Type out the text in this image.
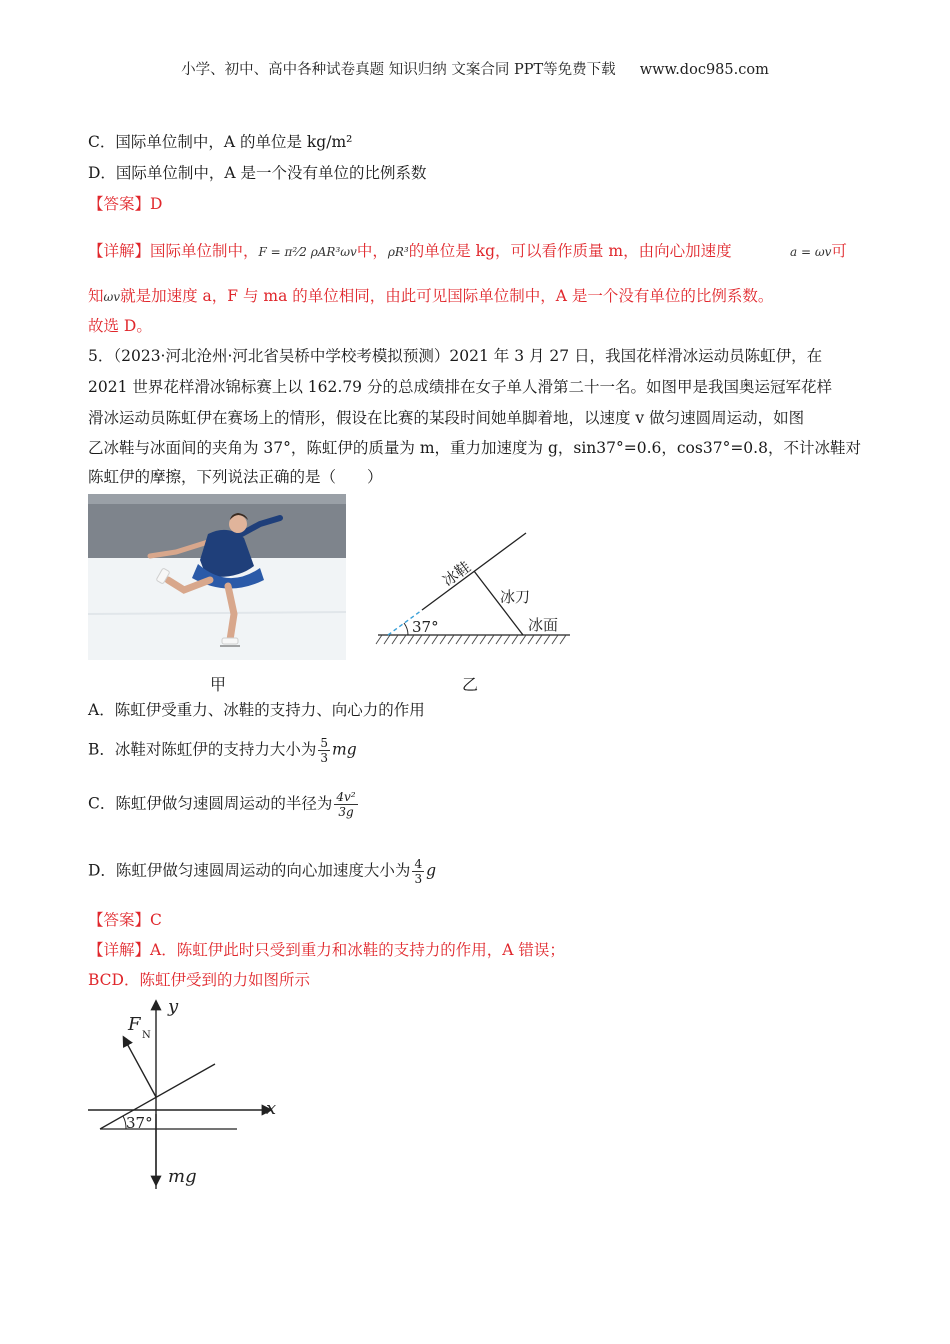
小学、初中、高中各种试卷真题 知识归纳 文案合同 PPT等免费下载 www.doc985.com
C．国际单位制中，A 的单位是 kg/m²
D．国际单位制中，A 是一个没有单位的比例系数
【答案】D
【详解】国际单位制中，F = π²⁄2 ρAR³ωv中，ρR³的单位是 kg，可以看作质量 m，由向心加速度	a = ωv可
知ωv就是加速度 a，F 与 ma 的单位相同，由此可见国际单位制中，A 是一个没有单位的比例系数。
故选 D。
5．（2023·河北沧州·河北省吴桥中学校考模拟预测）2021 年 3 月 27 日，我国花样滑冰运动员陈虹伊，在
2021 世界花样滑冰锦标赛上以 162.79 分的总成绩排在女子单人滑第二十一名。如图甲是我国奥运冠军花样
滑冰运动员陈虹伊在赛场上的情形，假设在比赛的某段时间她单脚着地，以速度 v 做匀速圆周运动，如图
乙冰鞋与冰面间的夹角为 37°，陈虹伊的质量为 m，重力加速度为 g，sin37°=0.6，cos37°=0.8，不计冰鞋对
陈虹伊的摩擦，下列说法正确的是（　　）
甲
37°
冰鞋
冰刀
冰面
乙
A．陈虹伊受重力、冰鞋的支持力、向心力的作用
B．冰鞋对陈虹伊的支持力大小为 $\frac{5}{3}$ mg
C．陈虹伊做匀速圆周运动的半径为 $\frac{\text{4v²}}{3g}$
D．陈虹伊做匀速圆周运动的向心加速度大小为 $\frac{4}{3}$ g
【答案】C
【详解】A．陈虹伊此时只受到重力和冰鞋的支持力的作用，A 错误；
BCD．陈虹伊受到的力如图所示
y
x
F
N
mg
37°
